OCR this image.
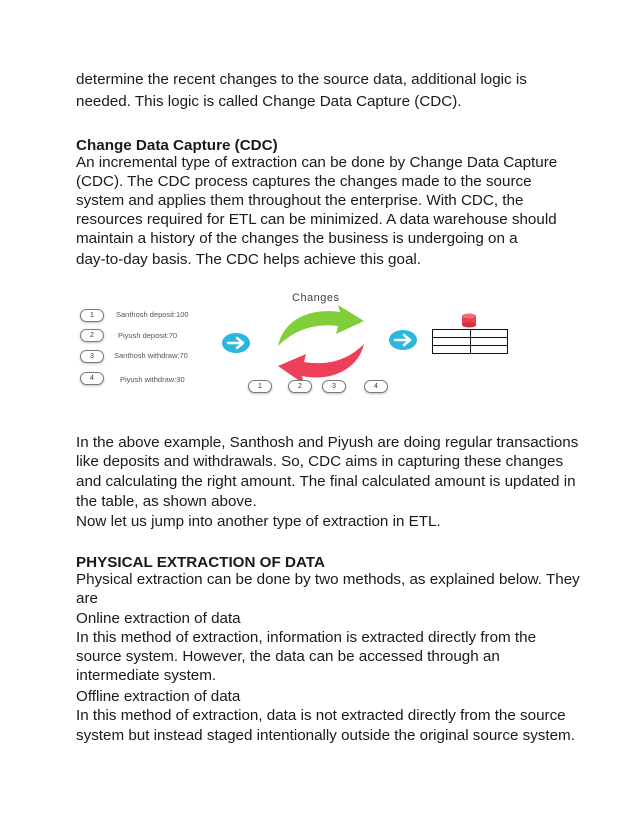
determine the recent changes to the source data, additional logic is

needed. This logic is called Change Data Capture (CDC).

Change Data Capture (CDC)

An incremental type of extraction can be done by Change Data Capture

(CDC). The CDC process captures the changes made to the source

system and applies them throughout the enterprise. With CDC, the

resources required for ETL can be minimized. A data warehouse should

maintain a history of the changes the business is undergoing on a

day-to-day basis. The CDC helps achieve this goal.

Changes
1	Santhosh deposit:100
2	Piyush deposit:70
3	Santhosh withdraw:70
4	Piyush withdraw:30

1	2	3	4

In the above example, Santhosh and Piyush are doing regular transactions

like deposits and withdrawals. So, CDC aims in capturing these changes

and calculating the right amount. The final calculated amount is updated in

the table, as shown above.

Now let us jump into another type of extraction in ETL.

PHYSICAL EXTRACTION OF DATA

Physical extraction can be done by two methods, as explained below. They

are

Online extraction of data

In this method of extraction, information is extracted directly from the

source system. However, the data can be accessed through an

intermediate system.

Offline extraction of data

In this method of extraction, data is not extracted directly from the source

system but instead staged intentionally outside the original source system.
